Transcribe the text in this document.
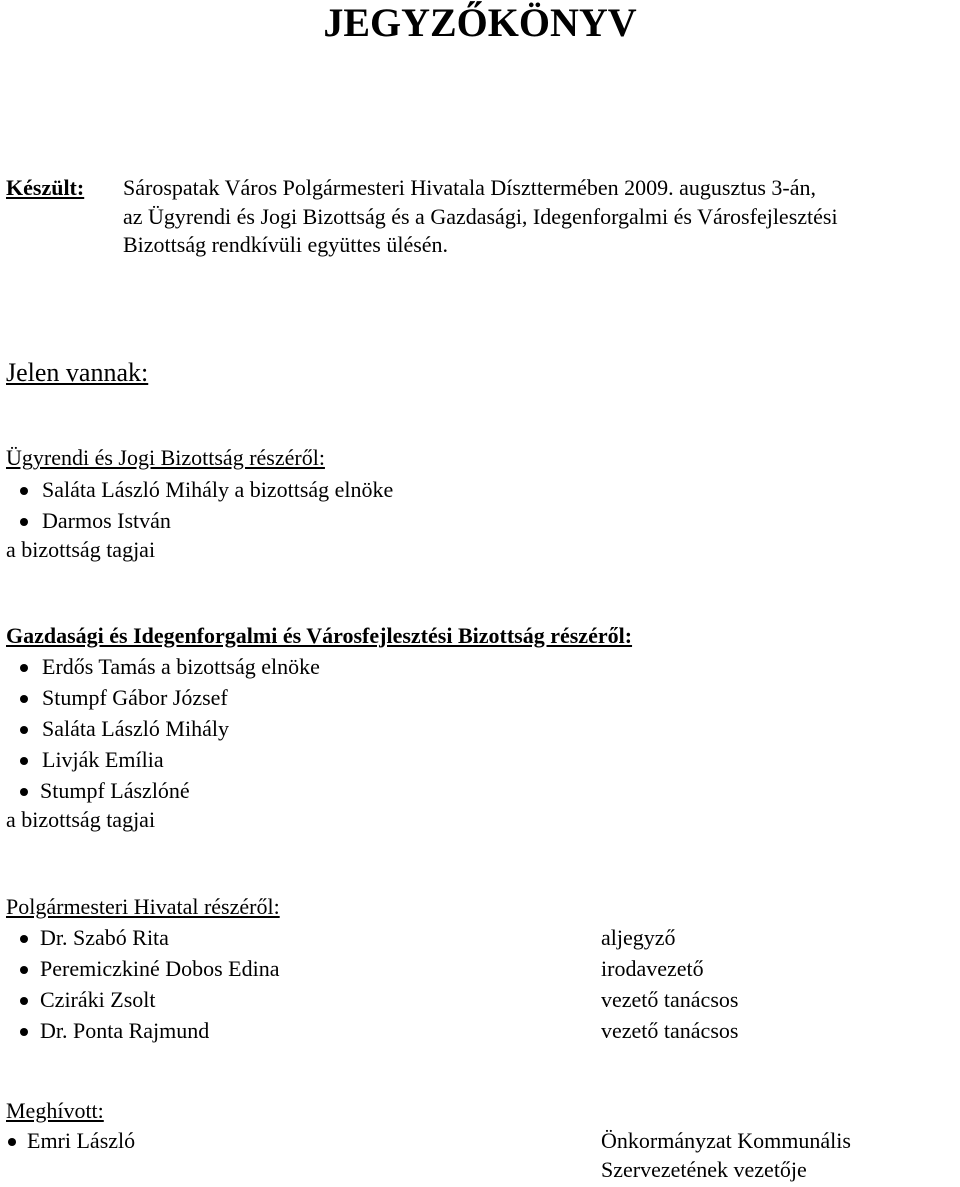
JEGYZŐKÖNYV
Készült: Sárospatak Város Polgármesteri Hivatala Díszttermében 2009. augusztus 3-án,
az Ügyrendi és Jogi Bizottság és a Gazdasági, Idegenforgalmi és Városfejlesztési
Bizottság rendkívüli együttes ülésén.
Jelen vannak:
Ügyrendi és Jogi Bizottság részéről:
Saláta László Mihály a bizottság elnöke
Darmos István
a bizottság tagjai
Gazdasági és Idegenforgalmi és Városfejlesztési Bizottság részéről:
Erdős Tamás a bizottság elnöke
Stumpf Gábor József
Saláta László Mihály
Livják Emília
Stumpf Lászlóné
a bizottság tagjai
Polgármesteri Hivatal részéről:
Dr. Szabó Rita	aljegyző
Peremiczkiné Dobos Edina	irodavezető
Cziráki Zsolt	vezető tanácsos
Dr. Ponta Rajmund	vezető tanácsos
Meghívott:
Emri László	Önkormányzat Kommunális
Szervezetének vezetője
